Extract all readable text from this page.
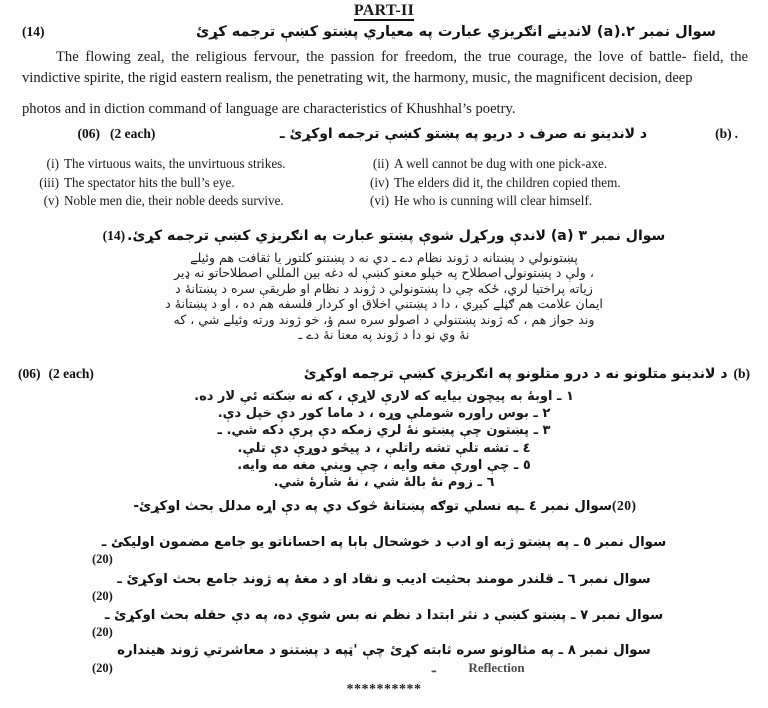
PART-II
سوال نمبر ۲.(a) لاندینے انګریزي عبارت په معیاري پښتو کښې ترجمه کړئ
(14)
The flowing zeal, the religious fervour, the passion for freedom, the true courage, the love of battle- field, the vindictive spirite, the rigid eastern realism, the penetrating wit, the harmony, music, the magnificent decision, deep
photos and in diction command of language are characteristics of Khushhal’s poetry.
(06) (2 each)	د لاندینو نه صرف د دریو په پښتو کښې ترجمه اوکړئ ـ	(b) .
(i) The virtuous waits, the unvirtuous strikes.	(ii) A well cannot be dug with one pick-axe.
(iii) The spectator hits the bull’s eye.	(iv) The elders did it, the children copied them.
(v) Noble men die, their noble deeds survive.	(vi) He who is cunning will clear himself.
(14) سوال نمبر ۳ (a) لاندې ورکړل شوې پښتو عبارت په انګریزي کښې ترجمه کړئ.
پښتونولي د پښتانه د ژوند نظام دے ـ دي نه د پښتنو کلتور یا ثقافت هم وئیلے
، ولې د پښتونولۍ اصطلاح په خپلو معنو کښې له دغه بین المللي اصطلاحاتو نه ډیر
زیاته پراختیا لري، ځکه چې دا پښتونولي د ژوند د نظام او طریقې سره د پښتانۀ د
ایمان علامت هم ګڼلے کیږي ، دا د پښتني اخلاق او کردار فلسفه هم ده ، او د پښتانۀ د
وند جواز هم ، که ژوند پښتنولي د اصولو سره سم ؤ، خو ژوند ورته وئیلے شي ، که
نۀ وي نو دا د ژوند په معنا نۀ دے ـ
(06) (2 each)	د لاندینو متلونو نه د درو متلونو په انګریزي کښې ترجمه اوکړئ (b)
۱ ـ اوبۀ به پیچون بیایه که لارې لاړې ، که نه ښکته ئې لار ده.
۲ ـ بوس راوره شوملې وړه ، د ماما کور دې خپل دې.
۳ ـ پښتون چې پښتو نۀ لري زمکه دې پرې دکه شي. ـ
٤ ـ تشه تلې تشه راتلې ، د پیڅو دوړې دې تلې.
٥ ـ چې اورې مغه وایه ، چې وینې مغه مه وایه.
٦ ـ زوم نۀ بالۀ شي ، نۀ شارۀ شي.
(20)
سوال نمبر ٤ ـپه نسلي توګه پښتانۀ څوک دي په دې اړه مدلل بحث اوکړئ-
سوال نمبر ٥ ـ په پښتو ژبه او ادب د خوشحال بابا په احساناتو یو جامع مضمون اولیکئ ـ
(20)
سوال نمبر ٦ ـ قلندر مومند بحثیت ادیب و نقاد او د مغۀ په ژوند جامع بحث اوکړئ ـ
(20)
سوال نمبر ٧ ـ پښتو کښې د نثر ابتدا د نظم نه بس شوې ده، په دې حقله بحث اوکړئ ـ
(20)
سوال نمبر ٨ ـ په مثالونو سره ثابته کړئ چې 'ټپه د پښتنو د معاشرتي ژوند هینداره
(20)	ـ	Reflection
**********
